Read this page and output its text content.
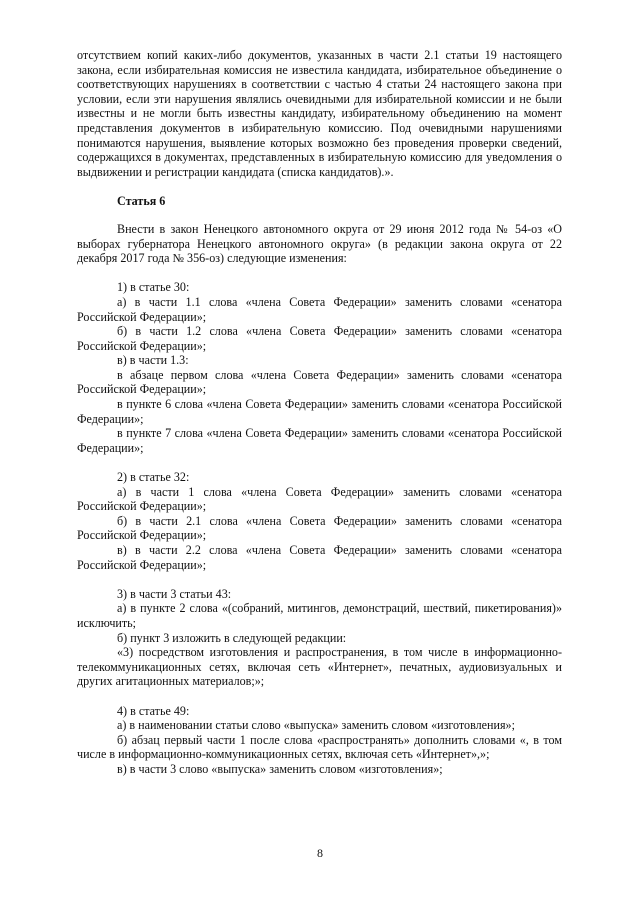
отсутствием копий каких-либо документов, указанных в части 2.1 статьи 19 настоящего закона, если избирательная комиссия не известила кандидата, избирательное объединение о соответствующих нарушениях в соответствии с частью 4 статьи 24 настоящего закона при условии, если эти нарушения являлись очевидными для избирательной комиссии и не были известны и не могли быть известны кандидату, избирательному объединению на момент представления документов в избирательную комиссию. Под очевидными нарушениями понимаются нарушения, выявление которых возможно без проведения проверки сведений, содержащихся в документах, представленных в избирательную комиссию для уведомления о выдвижении и регистрации кандидата (списка кандидатов).».

Статья 6

Внести в закон Ненецкого автономного округа от 29 июня 2012 года № 54-оз «О выборах губернатора Ненецкого автономного округа» (в редакции закона округа от 22 декабря 2017 года № 356-оз) следующие изменения:

1) в статье 30:

а) в части 1.1 слова «члена Совета Федерации» заменить словами «сенатора Российской Федерации»;

б) в части 1.2 слова «члена Совета Федерации» заменить словами «сенатора Российской Федерации»;

в) в части 1.3:

в абзаце первом слова «члена Совета Федерации» заменить словами «сенатора Российской Федерации»;

в пункте 6 слова «члена Совета Федерации» заменить словами «сенатора Российской Федерации»;

в пункте 7 слова «члена Совета Федерации» заменить словами «сенатора Российской Федерации»;

2) в статье 32:

а) в части 1 слова «члена Совета Федерации» заменить словами «сенатора Российской Федерации»;

б) в части 2.1 слова «члена Совета Федерации» заменить словами «сенатора Российской Федерации»;

в) в части 2.2 слова «члена Совета Федерации» заменить словами «сенатора Российской Федерации»;

3) в части 3 статьи 43:

а) в пункте 2 слова «(собраний, митингов, демонстраций, шествий, пикетирования)» исключить;

б) пункт 3 изложить в следующей редакции:

«3) посредством изготовления и распространения, в том числе в информационно-телекоммуникационных сетях, включая сеть «Интернет», печатных, аудиовизуальных и других агитационных материалов;»;

4) в статье 49:

а) в наименовании статьи слово «выпуска» заменить словом «изготовления»;

б) абзац первый части 1 после слова «распространять» дополнить словами «, в том числе в информационно-коммуникационных сетях, включая сеть «Интернет»,»;

в) в части 3 слово «выпуска» заменить словом «изготовления»;

8
